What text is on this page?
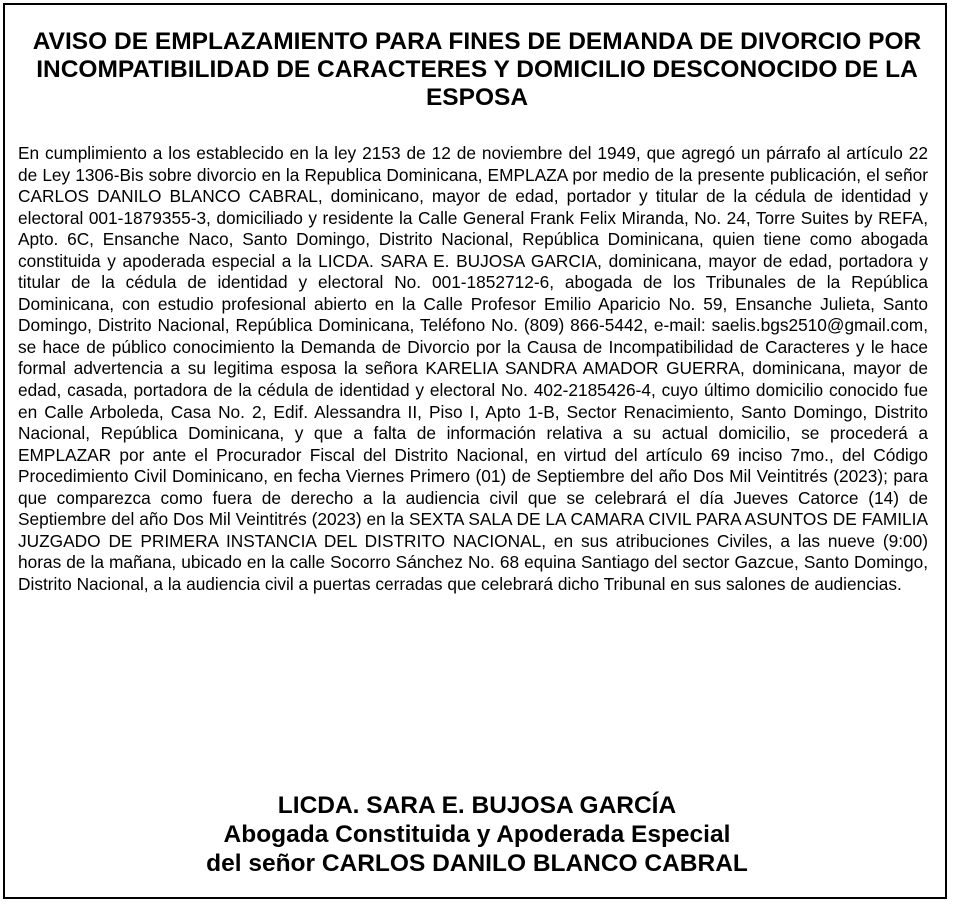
AVISO DE EMPLAZAMIENTO PARA FINES DE DEMANDA DE DIVORCIO POR INCOMPATIBILIDAD DE CARACTERES Y DOMICILIO DESCONOCIDO DE LA ESPOSA

En cumplimiento a los establecido en la ley 2153 de 12 de noviembre del 1949, que agregó un párrafo al artículo 22 de Ley 1306-Bis sobre divorcio en la Republica Dominicana, EMPLAZA por medio de la presente publicación, el señor CARLOS DANILO BLANCO CABRAL, dominicano, mayor de edad, portador y titular de la cédula de identidad y electoral 001-1879355-3, domiciliado y residente la Calle General Frank Felix Miranda, No. 24, Torre Suites by REFA, Apto. 6C, Ensanche Naco, Santo Domingo, Distrito Nacional, República Dominicana, quien tiene como abogada constituida y apoderada especial a la LICDA. SARA E. BUJOSA GARCIA, dominicana, mayor de edad, portadora y titular de la cédula de identidad y electoral No. 001-1852712-6, abogada de los Tribunales de la República Dominicana, con estudio profesional abierto en la Calle Profesor Emilio Aparicio No. 59, Ensanche Julieta, Santo Domingo, Distrito Nacional, República Dominicana, Teléfono No. (809) 866-5442, e-mail: saelis.bgs2510@gmail.com, se hace de público conocimiento la Demanda de Divorcio por la Causa de Incompatibilidad de Caracteres y le hace formal advertencia a su legitima esposa la señora KARELIA SANDRA AMADOR GUERRA, dominicana, mayor de edad, casada, portadora de la cédula de identidad y electoral No. 402-2185426-4, cuyo último domicilio conocido fue en Calle Arboleda, Casa No. 2, Edif. Alessandra II, Piso I, Apto 1-B, Sector Renacimiento, Santo Domingo, Distrito Nacional, República Dominicana, y que a falta de información relativa a su actual domicilio, se procederá a EMPLAZAR por ante el Procurador Fiscal del Distrito Nacional, en virtud del artículo 69 inciso 7mo., del Código Procedimiento Civil Dominicano, en fecha Viernes Primero (01) de Septiembre del año Dos Mil Veintitrés (2023); para que comparezca como fuera de derecho a la audiencia civil que se celebrará el día Jueves Catorce (14) de Septiembre del año Dos Mil Veintitrés (2023) en la SEXTA SALA DE LA CAMARA CIVIL PARA ASUNTOS DE FAMILIA JUZGADO DE PRIMERA INSTANCIA DEL DISTRITO NACIONAL, en sus atribuciones Civiles, a las nueve (9:00) horas de la mañana, ubicado en la calle Socorro Sánchez No. 68 equina Santiago del sector Gazcue, Santo Domingo, Distrito Nacional, a la audiencia civil a puertas cerradas que celebrará dicho Tribunal en sus salones de audiencias.

LICDA. SARA E. BUJOSA GARCÍA
Abogada Constituida y Apoderada Especial
del señor CARLOS DANILO BLANCO CABRAL
